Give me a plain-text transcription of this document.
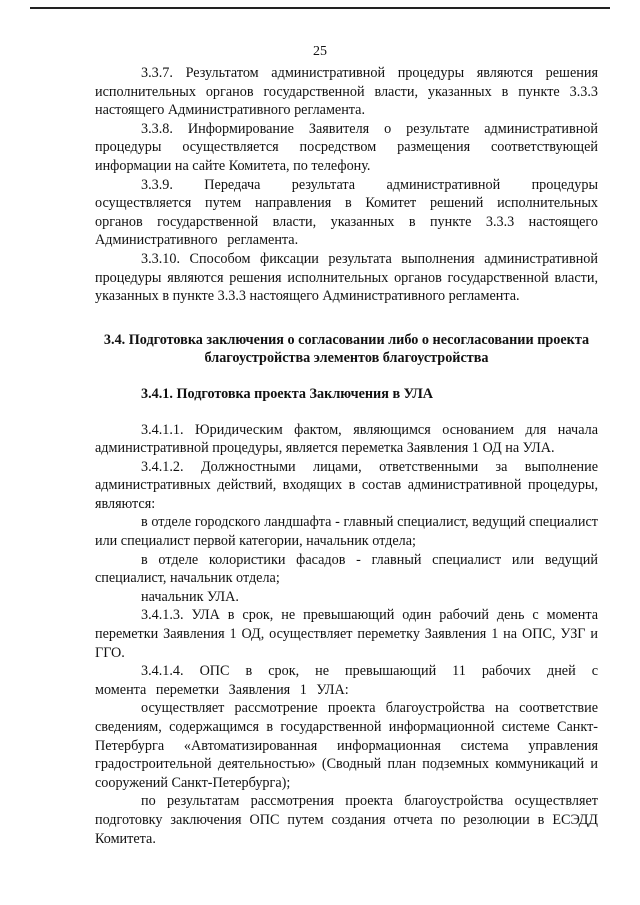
25

3.3.7. Результатом административной процедуры являются решения исполнительных органов государственной власти, указанных в пункте 3.3.3 настоящего Административного регламента.

3.3.8. Информирование Заявителя о результате административной процедуры осуществляется посредством размещения соответствующей информации на сайте Комитета, по телефону.

3.3.9. Передача результата административной процедуры осуществляется путем направления в Комитет решений исполнительных органов государственной власти, указанных в пункте 3.3.3 настоящего Административного регламента.

3.3.10. Способом фиксации результата выполнения административной процедуры являются решения исполнительных органов государственной власти, указанных в пункте 3.3.3 настоящего Административного регламента.

3.4. Подготовка заключения о согласовании либо о несогласовании проекта благоустройства элементов благоустройства

3.4.1. Подготовка проекта Заключения в УЛА

3.4.1.1. Юридическим фактом, являющимся основанием для начала административной процедуры, является переметка Заявления 1 ОД на УЛА.

3.4.1.2. Должностными лицами, ответственными за выполнение административных действий, входящих в состав административной процедуры, являются:

в отделе городского ландшафта - главный специалист, ведущий специалист или специалист первой категории, начальник отдела;

в отделе колористики фасадов - главный специалист или ведущий специалист, начальник отдела;

начальник УЛА.

3.4.1.3. УЛА в срок, не превышающий один рабочий день с момента переметки Заявления 1 ОД, осуществляет переметку Заявления 1 на ОПС, УЗГ и ГГО.

3.4.1.4. ОПС в срок, не превышающий 11 рабочих дней с момента переметки Заявления 1 УЛА:

осуществляет рассмотрение проекта благоустройства на соответствие сведениям, содержащимся в государственной информационной системе Санкт-Петербурга «Автоматизированная информационная система управления градостроительной деятельностью» (Сводный план подземных коммуникаций и сооружений Санкт-Петербурга);

по результатам рассмотрения проекта благоустройства осуществляет подготовку заключения ОПС путем создания отчета по резолюции в ЕСЭДД Комитета.
